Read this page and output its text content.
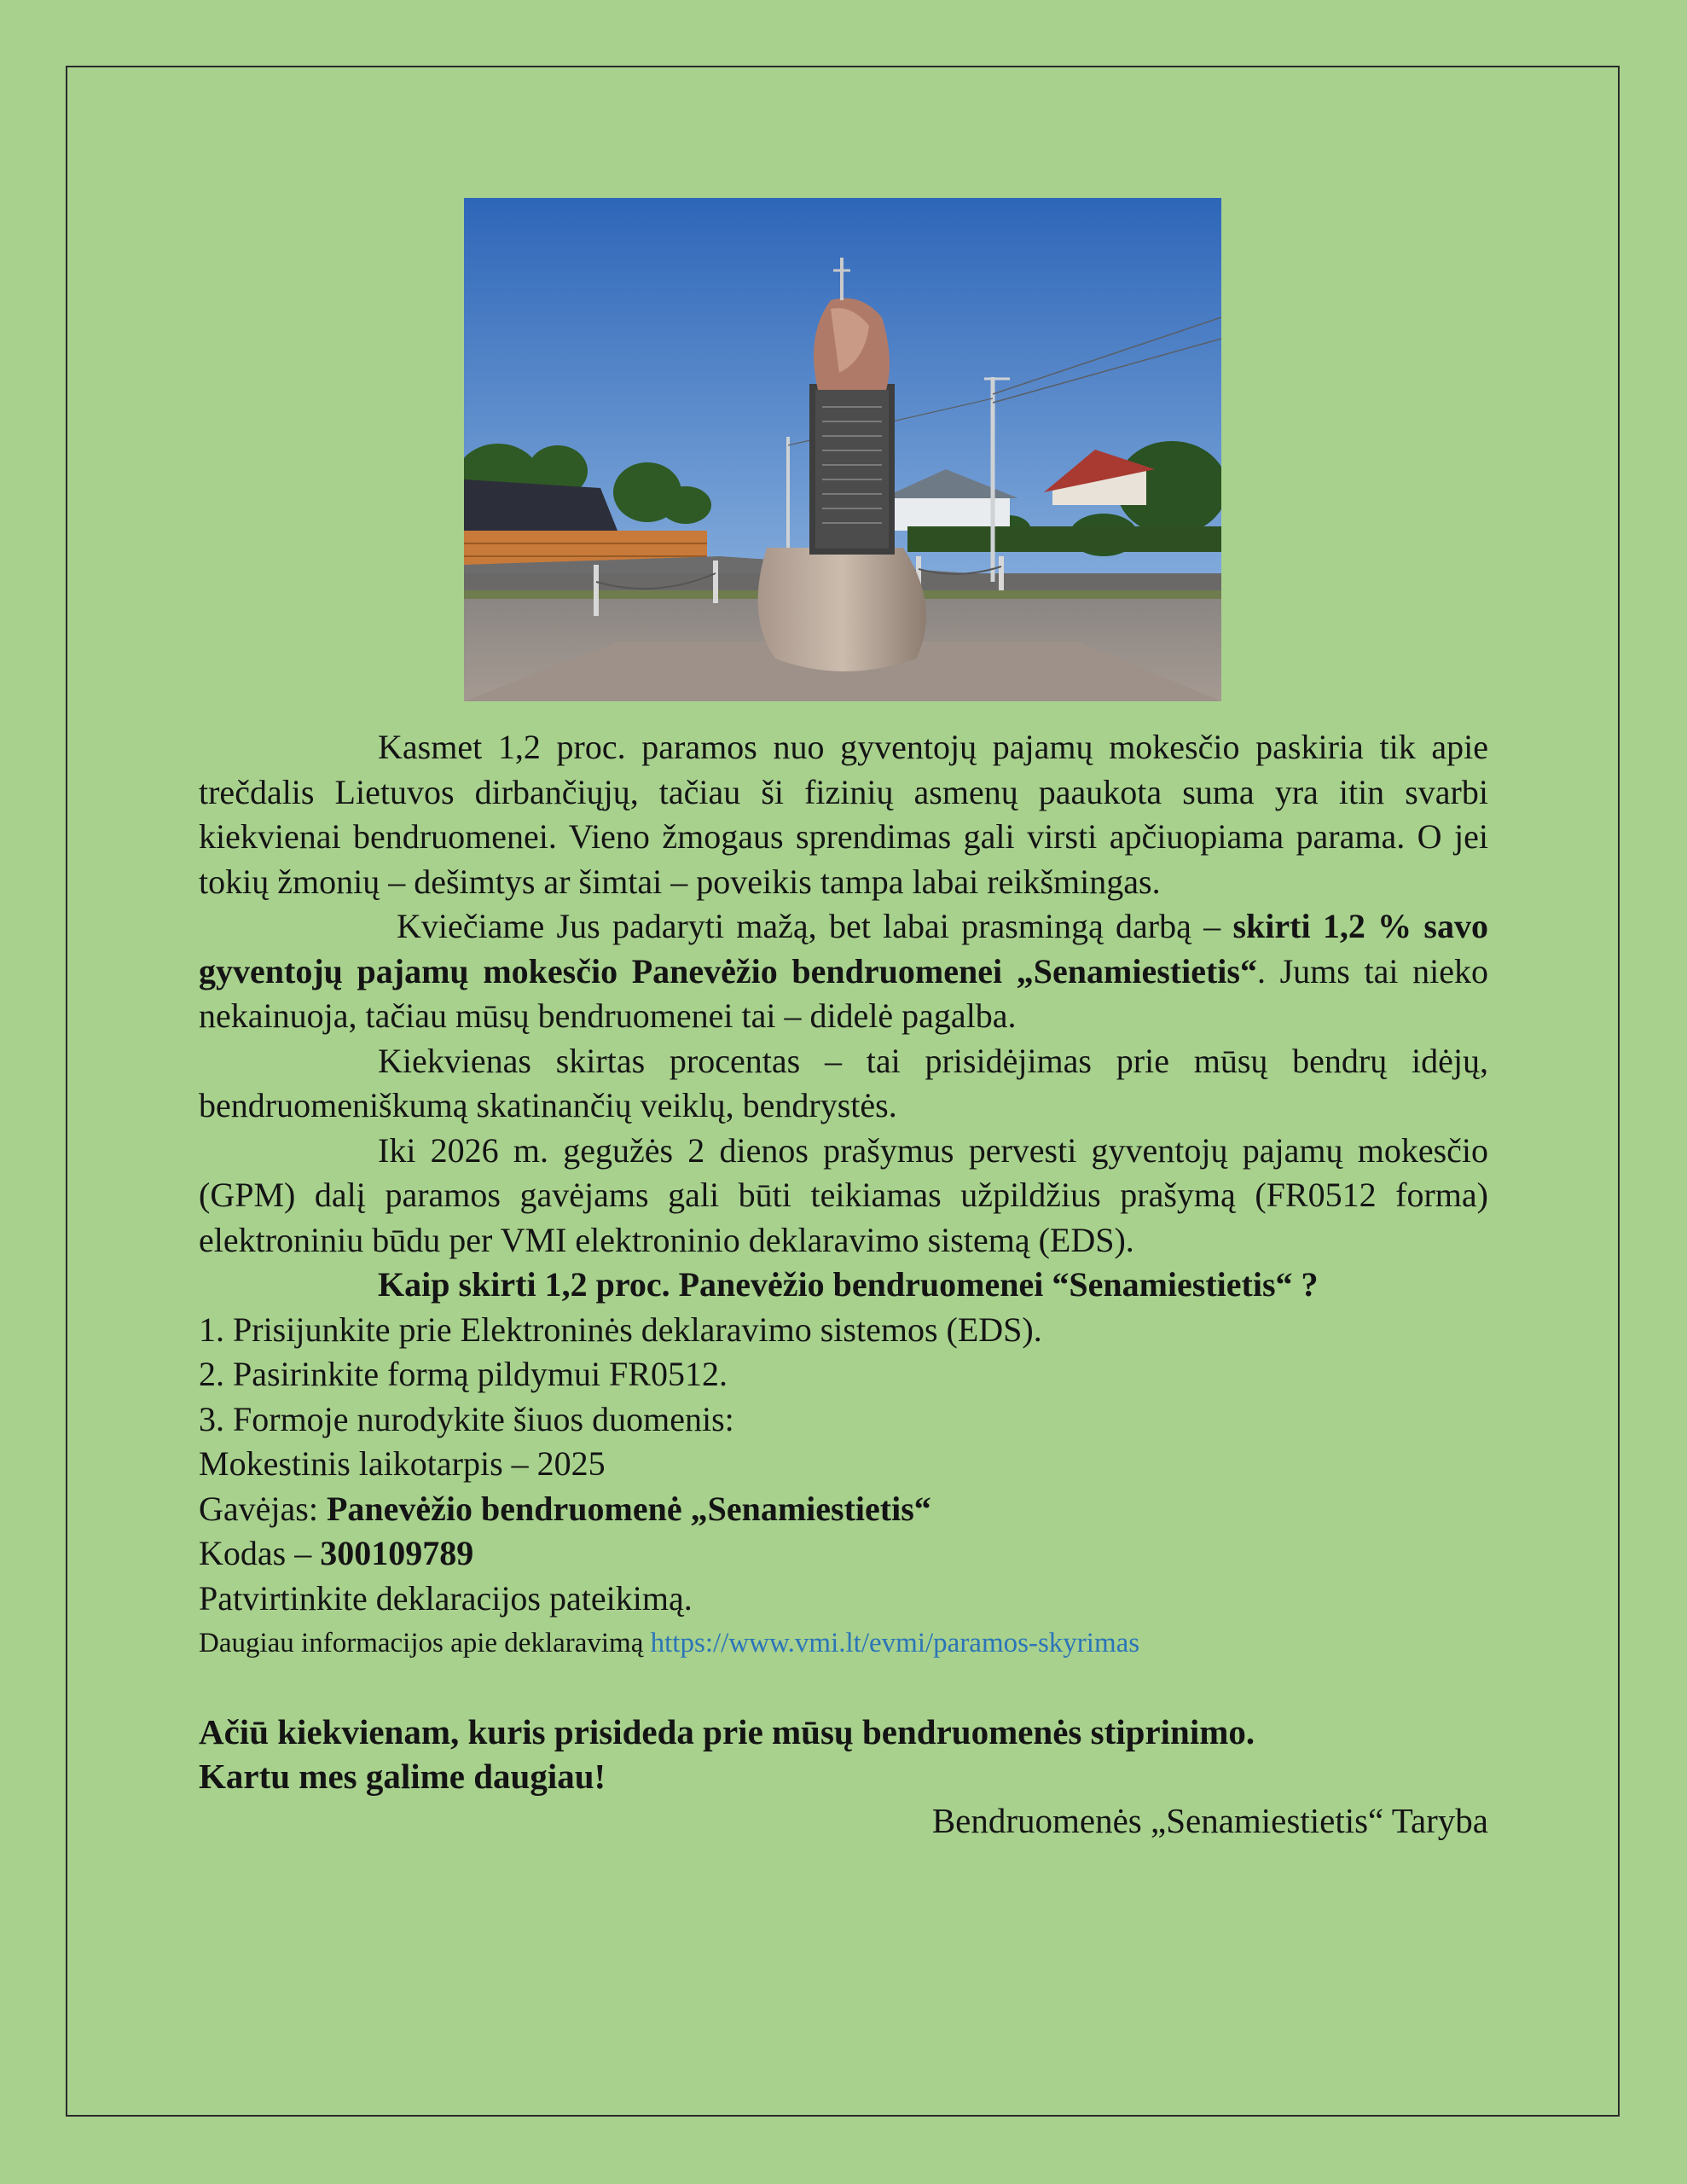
Kasmet 1,2 proc. paramos nuo gyventojų pajamų mokesčio paskiria tik apie trečdalis Lietuvos dirbančiųjų, tačiau ši fizinių asmenų paaukota suma yra itin svarbi kiekvienai bendruomenei. Vieno žmogaus sprendimas gali virsti apčiuopiama parama. O jei tokių žmonių – dešimtys ar šimtai – poveikis tampa labai reikšmingas.

Kviečiame Jus padaryti mažą, bet labai prasmingą darbą – skirti 1,2 % savo gyventojų pajamų mokesčio Panevėžio bendruomenei „Senamiestietis“. Jums tai nieko nekainuoja, tačiau mūsų bendruomenei tai – didelė pagalba.

Kiekvienas skirtas procentas – tai prisidėjimas prie mūsų bendrų idėjų, bendruomeniškumą skatinančių veiklų, bendrystės.

Iki 2026 m. gegužės 2 dienos prašymus pervesti gyventojų pajamų mokesčio (GPM) dalį paramos gavėjams gali būti teikiamas užpildžius prašymą (FR0512 forma) elektroniniu būdu per VMI elektroninio deklaravimo sistemą (EDS).

Kaip skirti 1,2 proc. Panevėžio bendruomenei “Senamiestietis“ ?

1. Prisijunkite prie Elektroninės deklaravimo sistemos (EDS).

2. Pasirinkite formą pildymui FR0512.

3. Formoje nurodykite šiuos duomenis:

Mokestinis laikotarpis – 2025

Gavėjas: Panevėžio bendruomenė „Senamiestietis“

Kodas – 300109789

Patvirtinkite deklaracijos pateikimą.

Daugiau informacijos apie deklaravimą https://www.vmi.lt/evmi/paramos-skyrimas

Ačiū kiekvienam, kuris prisideda prie mūsų bendruomenės stiprinimo.

Kartu mes galime daugiau!

Bendruomenės „Senamiestietis“ Taryba
